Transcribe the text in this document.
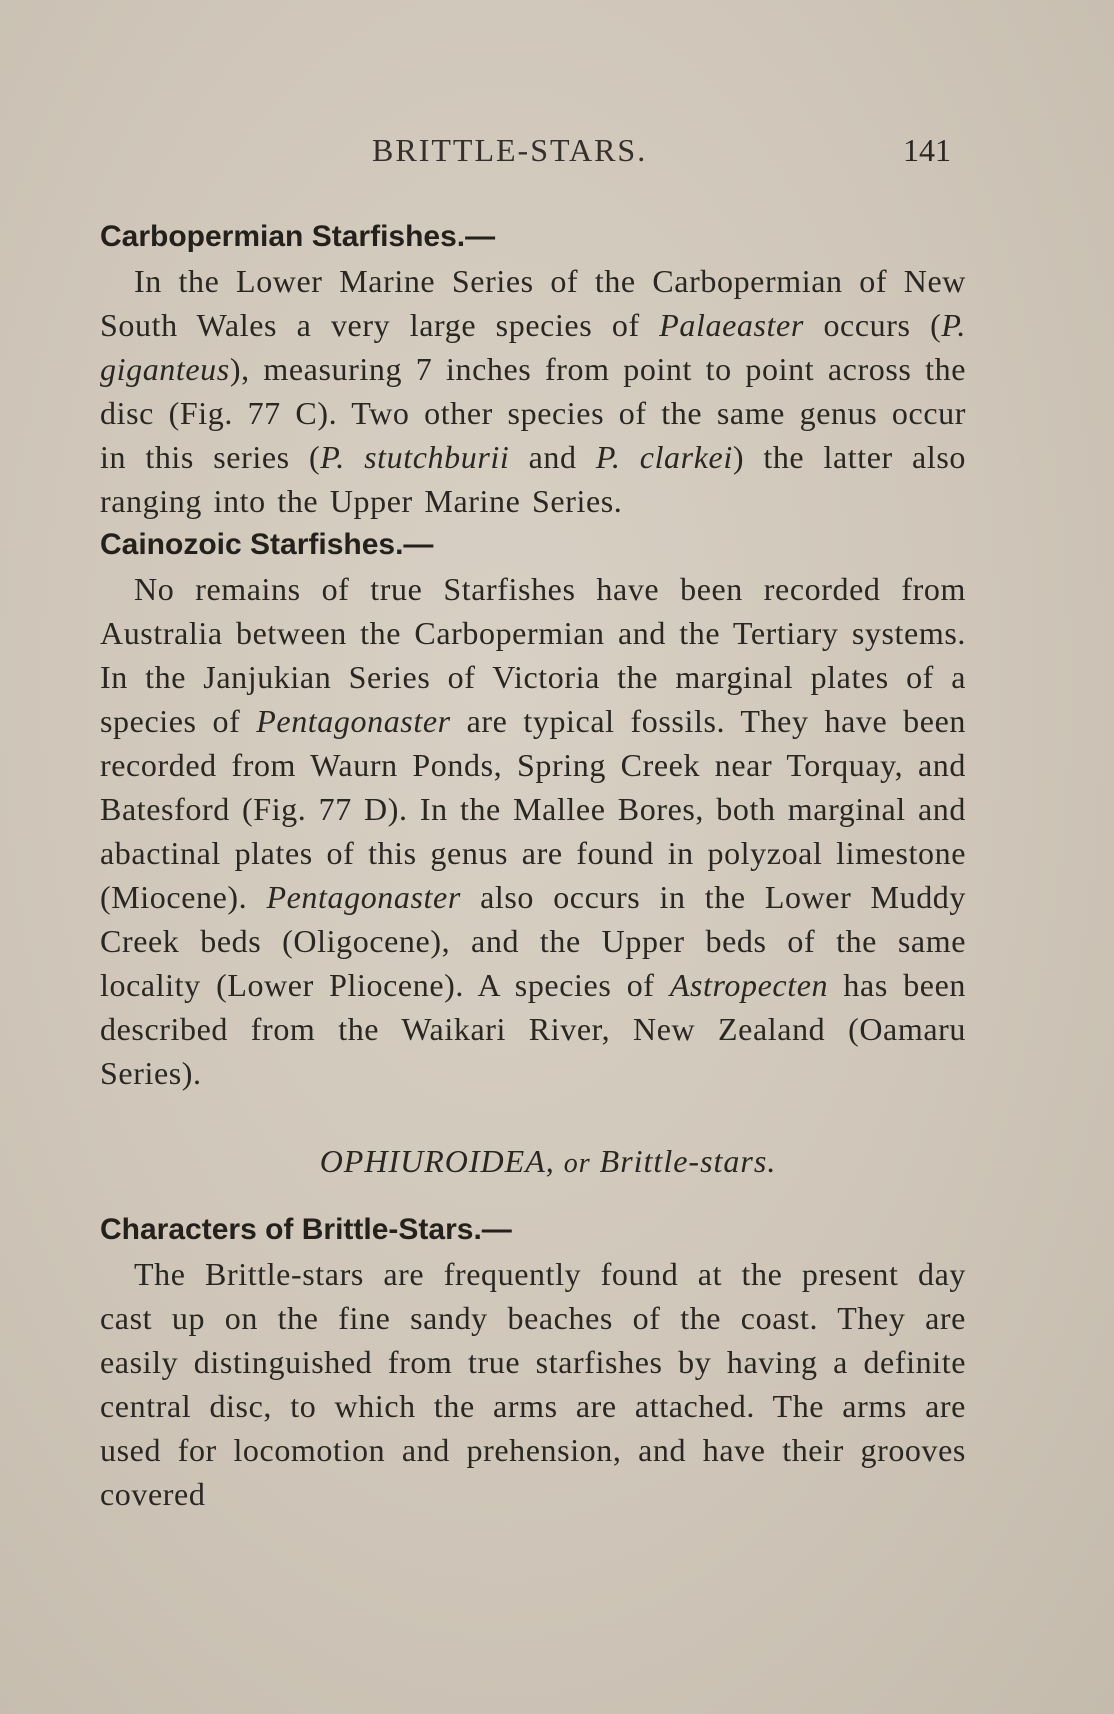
BRITTLE-STARS.	141
Carbopermian Starfishes.—

In the Lower Marine Series of the Carbopermian of New South Wales a very large species of Palaeaster occurs (P. giganteus), measuring 7 inches from point to point across the disc (Fig. 77 C). Two other species of the same genus occur in this series (P. stutchburii and P. clarkei) the latter also ranging into the Upper Marine Series.

Cainozoic Starfishes.—

No remains of true Starfishes have been recorded from Australia between the Carbopermian and the Tertiary systems. In the Janjukian Series of Victoria the marginal plates of a species of Pentagonaster are typical fossils. They have been recorded from Waurn Ponds, Spring Creek near Torquay, and Batesford (Fig. 77 D). In the Mallee Bores, both marginal and abactinal plates of this genus are found in polyzoal limestone (Miocene). Pentagonaster also occurs in the Lower Muddy Creek beds (Oligocene), and the Upper beds of the same locality (Lower Pliocene). A species of Astropecten has been described from the Waikari River, New Zealand (Oamaru Series).

OPHIUROIDEA, or Brittle-stars.
Characters of Brittle-Stars.—

The Brittle-stars are frequently found at the present day cast up on the fine sandy beaches of the coast. They are easily distinguished from true starfishes by having a definite central disc, to which the arms are attached. The arms are used for locomotion and prehension, and have their grooves covered
